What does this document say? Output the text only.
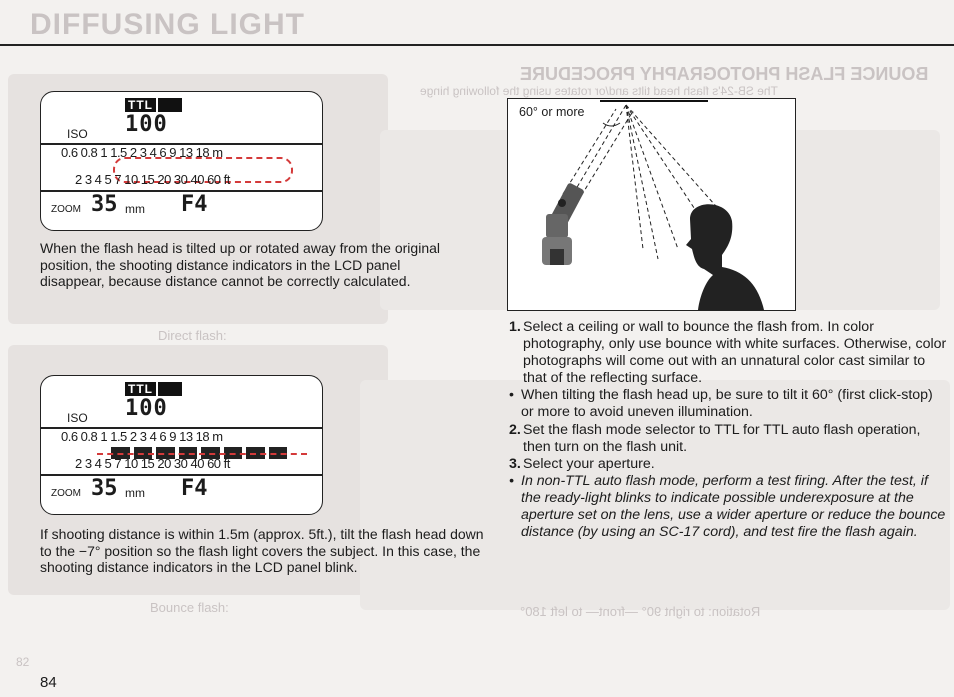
DIFFUSING LIGHT
BOUNCE FLASH PHOTOGRAPHY PROCEDURE
The SB-24's flash head tilts and/or rotates using the following hinge
Direct flash:
Bounce flash:	Rotation: to right 90° —front— to left 180°
82
TTL
ISO 100
0.6 0.8 1 1.5 2 3 4 6 9 13 18 m
2 3 4 5 7 10 15 20 30 40 60 ft
ZOOM 35 mm F4
When the flash head is tilted up or rotated away from the original position, the shooting distance indicators in the LCD panel disappear, because distance cannot be correctly calculated.
TTL
ISO 100
0.6 0.8 1 1.5 2 3 4 6 9 13 18 m
2 3 4 5 7 10 15 20 30 40 60 ft
ZOOM 35 mm F4
If shooting distance is within 1.5m (approx. 5ft.), tilt the flash head down to the −7° position so the flash light covers the subject. In this case, the shooting distance indicators in the LCD panel blink.
60° or more
1. Select a ceiling or wall to bounce the flash from. In color photography, only use bounce with white surfaces. Otherwise, color photographs will come out with an unnatural color cast similar to that of the reflecting surface.
• When tilting the flash head up, be sure to tilt it 60° (first click-stop) or more to avoid uneven illumination.
2. Set the flash mode selector to TTL for TTL auto flash operation, then turn on the flash unit.
3. Select your aperture.
• In non-TTL auto flash mode, perform a test firing. After the test, if the ready-light blinks to indicate possible underexposure at the aperture set on the lens, use a wider aperture or reduce the bounce distance (by using an SC-17 cord), and test fire the flash again.
84
